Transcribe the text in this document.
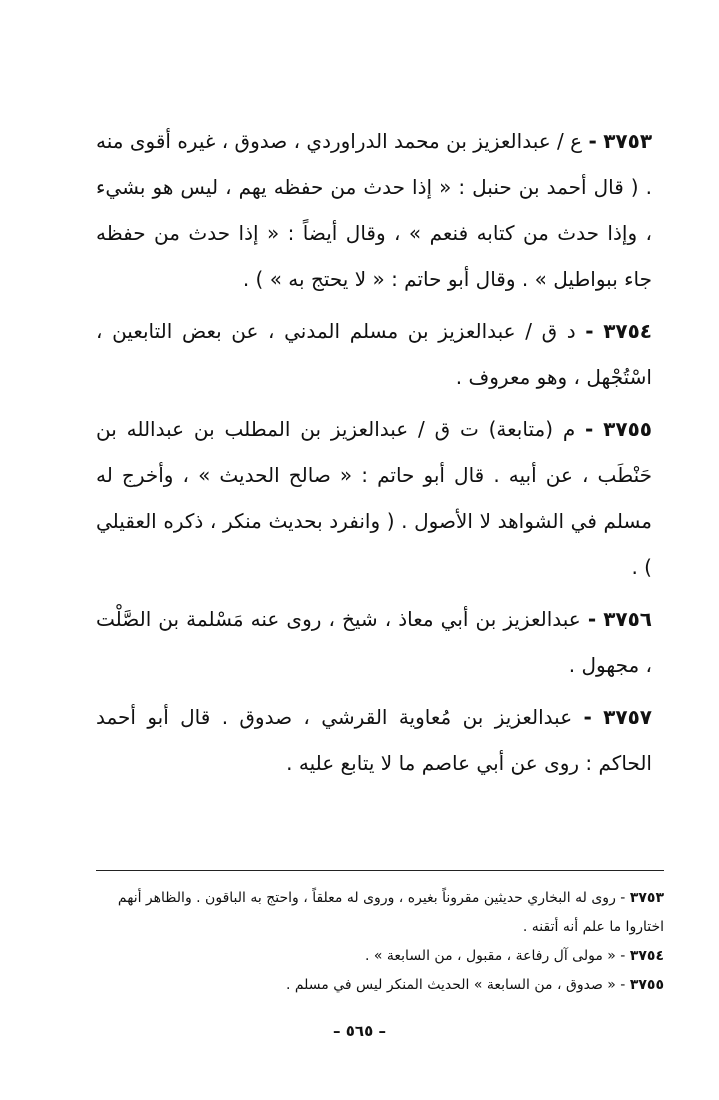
٣٧٥٣ - ع / عبدالعزيز بن محمد الدراوردي ، صدوق ، غيره أقوى منه . ( قال أحمد بن حنبل : « إذا حدث من حفظه يهم ، ليس هو بشيء ، وإذا حدث من كتابه فنعم » ، وقال أيضاً : « إذا حدث من حفظه جاء ببواطيل » . وقال أبو حاتم : « لا يحتج به » ) .

٣٧٥٤ - د ق / عبدالعزيز بن مسلم المدني ، عن بعض التابعين ، اسْتُجْهل ، وهو معروف .

٣٧٥٥ - م (متابعة) ت ق / عبدالعزيز بن المطلب بن عبدالله بن حَنْطَب ، عن أبيه . قال أبو حاتم : « صالح الحديث » ، وأخرج له مسلم في الشواهد لا الأصول . ( وانفرد بحديث منكر ، ذكره العقيلي ) .

٣٧٥٦ - عبدالعزيز بن أبي معاذ ، شيخ ، روى عنه مَسْلمة بن الصَّلْت ، مجهول .

٣٧٥٧ - عبدالعزيز بن مُعاوية القرشي ، صدوق . قال أبو أحمد الحاكم : روى عن أبي عاصم ما لا يتابع عليه .

٣٧٥٣ - روى له البخاري حديثين مقروناً بغيره ، وروى له معلقاً ، واحتج به الباقون . والظاهر أنهم اختاروا ما علم أنه أتقنه .

٣٧٥٤ - « مولى آل رفاعة ، مقبول ، من السابعة » .

٣٧٥٥ - « صدوق ، من السابعة » الحديث المنكر ليس في مسلم .

– ٥٦٥ –
